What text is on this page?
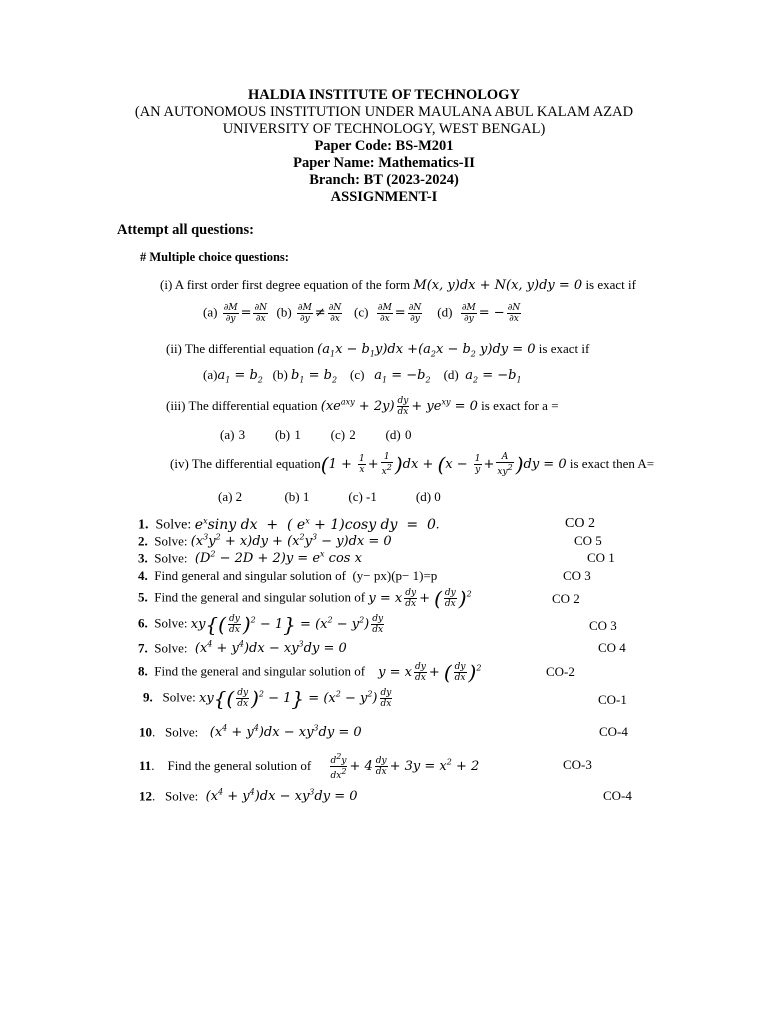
HALDIA INSTITUTE OF TECHNOLOGY
(AN AUTONOMOUS INSTITUTION UNDER MAULANA ABUL KALAM AZAD
UNIVERSITY OF TECHNOLOGY, WEST BENGAL)
Paper Code: BS-M201
Paper Name: Mathematics-II
Branch: BT (2023-2024)
ASSIGNMENT-I
Attempt all questions:
# Multiple choice questions:
(i) A first order first degree equation of the form M(x, y)dx + N(x, y)dy = 0 is exact if
$(a) \frac{\partial M}{\partial y} = \frac{\partial N}{\partial x} (b) \frac{\partial M}{\partial y} \ne \frac{\partial N}{\partial x} (c) \frac{\partial M}{\partial x} = \frac{\partial N}{\partial y} (d) \frac{\partial M}{\partial y}$ = − $\frac{\partial N}{\partial x}$
(ii) The differential equation $(a_1x - b_1y)dx +(a_2x - b_2$ y)dy = 0 is exact if
$(a)a_1 = b_2$ (b) $b_1 = b_2$ (c) $a_1 = -b_2$ (d) $a_2 = -b_1$
(iii) The differential equation $(xe^{axy} + 2y) \frac{dy}{dx} + ye^{xy} = 0$ is exact for a =
(a) 3 (b) 1 (c) 2 (d) 0
(iv) The differential equation(1 + $\frac{1}{x} + \frac{1}{x^2} )dx + (x - \frac{1}{y} + \frac{A}{xy^2} )dy = 0$ is exact then A=
(a) 2	(b) 1	(c) -1	(d) 0
1. Solve: $e^x\sin y$ dx  +  ( $e^x + 1)\cos y$ dy  =  0.	CO 2
2. Solve: $(x^3y^2 + x)dy + (x^2y^3 - y)dx = 0$	CO 5
3. Solve:  $(D^2 - 2D + 2)y = e^x$ cos x	CO 1
4. Find general and singular solution of (y− px)(p− 1)=p	CO 3
5. Find the general and singular solution of y = x $\frac{dy}{dx}$ + ( $\frac{dy}{dx} )^2$	CO 2
6. Solve: $xy\{( \frac{dy}{dx} )^2 - 1\} = (x^2 - y^2) \frac{dy}{dx}$	CO 3
7. Solve:  $(x^4 + y^4)dx - xy^3dy = 0$	CO 4
8. Find the general and singular solution of y = x $\frac{dy}{dx}$ + ( $\frac{dy}{dx} )^2$	CO-2
9. Solve: $xy\{( \frac{dy}{dx} )^2 - 1\} = (x^2 - y^2) \frac{dy}{dx}$	CO-1
10.   Solve:   $(x^4 + y^4)dx - xy^3dy = 0$	CO-4
11.    Find the general solution of $\frac{d^2y}{dx^2} + 4 \frac{dy}{dx} + 3y = x^2 + 2$	CO-3
12.   Solve:  $(x^4 + y^4)dx - xy^3dy = 0$	CO-4
